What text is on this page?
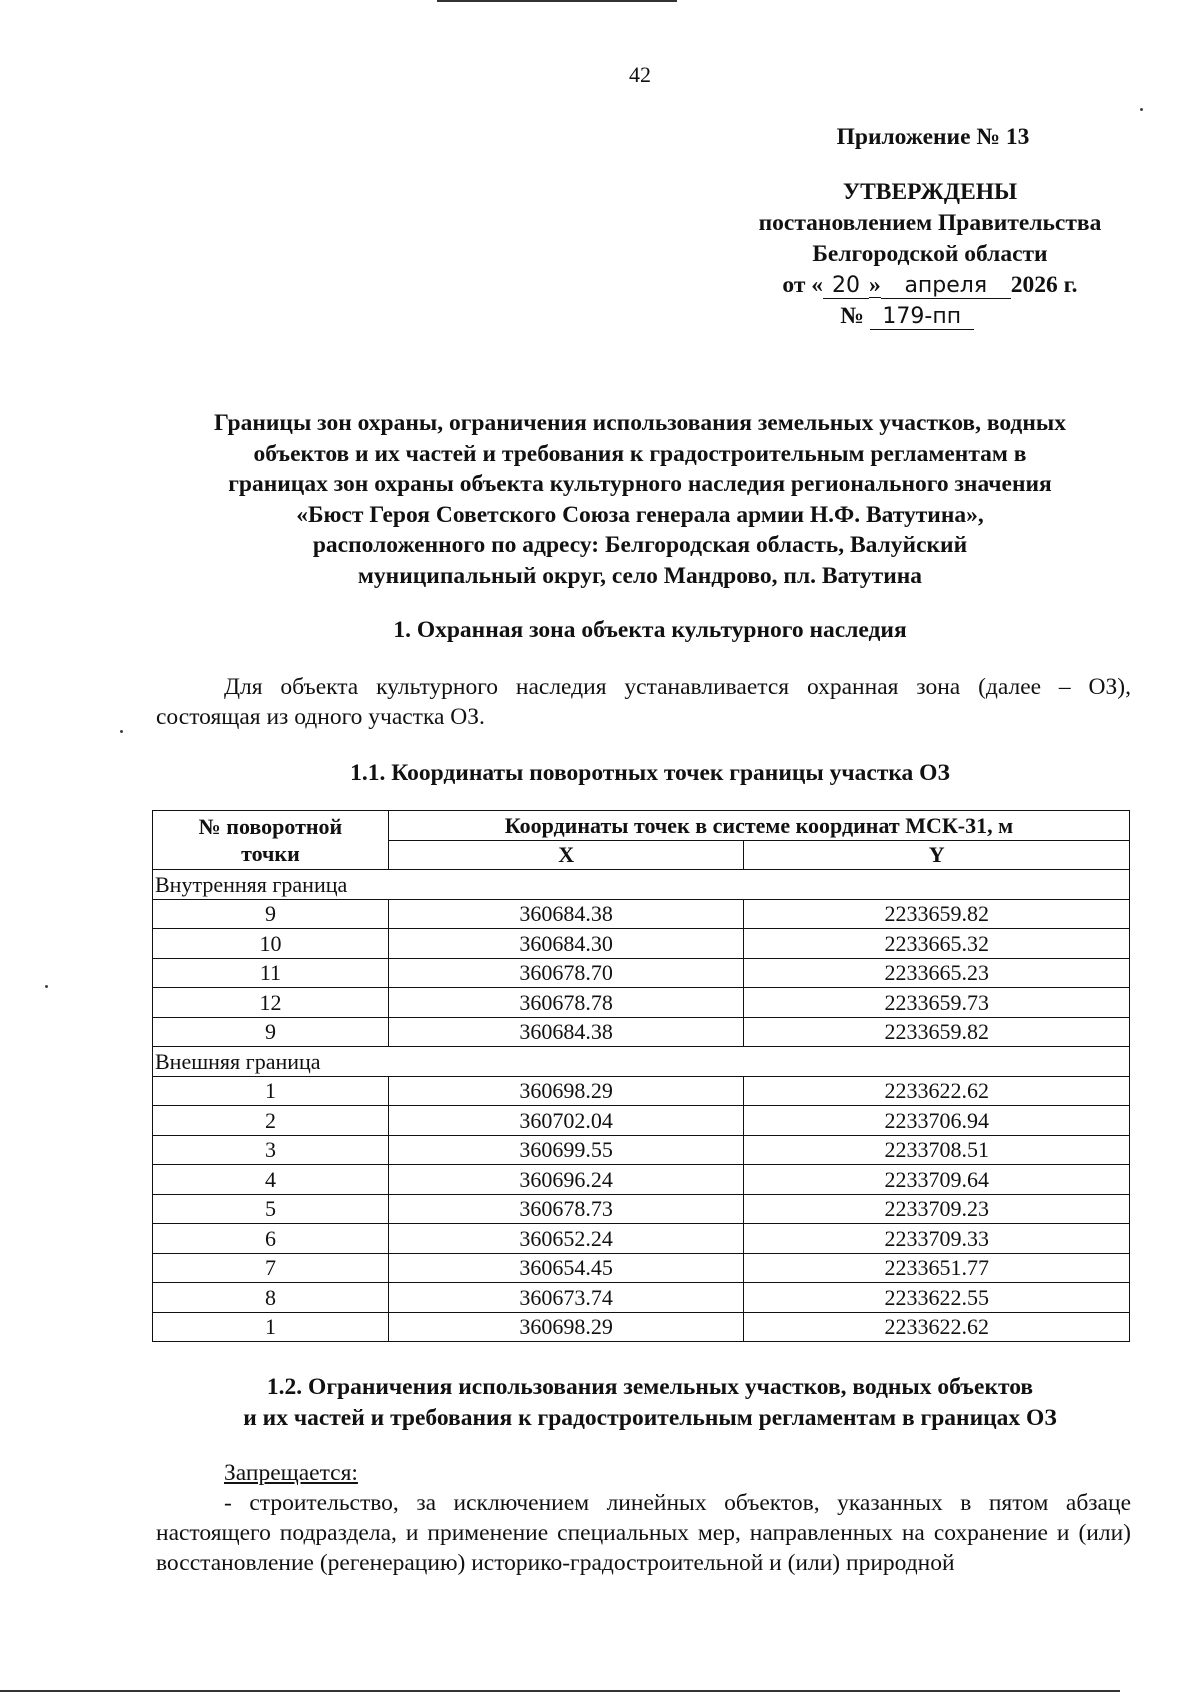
42
Приложение № 13
УТВЕРЖДЕНЫ
постановлением Правительства
Белгородской области
от « 20 » апреля 2026 г.
№ 179-пп
Границы зон охраны, ограничения использования земельных участков, водных
объектов и их частей и требования к градостроительным регламентам в
границах зон охраны объекта культурного наследия регионального значения
«Бюст Героя Советского Союза генерала армии Н.Ф. Ватутина»,
расположенного по адресу: Белгородская область, Валуйский
муниципальный округ, село Мандрово, пл. Ватутина
1. Охранная зона объекта культурного наследия
Для объекта культурного наследия устанавливается охранная зона (далее – ОЗ), состоящая из одного участка ОЗ.
1.1. Координаты поворотных точек границы участка ОЗ
№ поворотной точки	Координаты точек в системе координат МСК-31, м	
	X	Y
Внутренняя граница		
9	360684.38	2233659.82
10	360684.30	2233665.32
11	360678.70	2233665.23
12	360678.78	2233659.73
9	360684.38	2233659.82
Внешняя граница		
1	360698.29	2233622.62
2	360702.04	2233706.94
3	360699.55	2233708.51
4	360696.24	2233709.64
5	360678.73	2233709.23
6	360652.24	2233709.33
7	360654.45	2233651.77
8	360673.74	2233622.55
1	360698.29	2233622.62
1.2. Ограничения использования земельных участков, водных объектов
и их частей и требования к градостроительным регламентам в границах ОЗ
Запрещается:
- строительство, за исключением линейных объектов, указанных в пятом абзаце настоящего подраздела, и применение специальных мер, направленных на сохранение и (или) восстановление (регенерацию) историко-градостроительной и (или) природной
